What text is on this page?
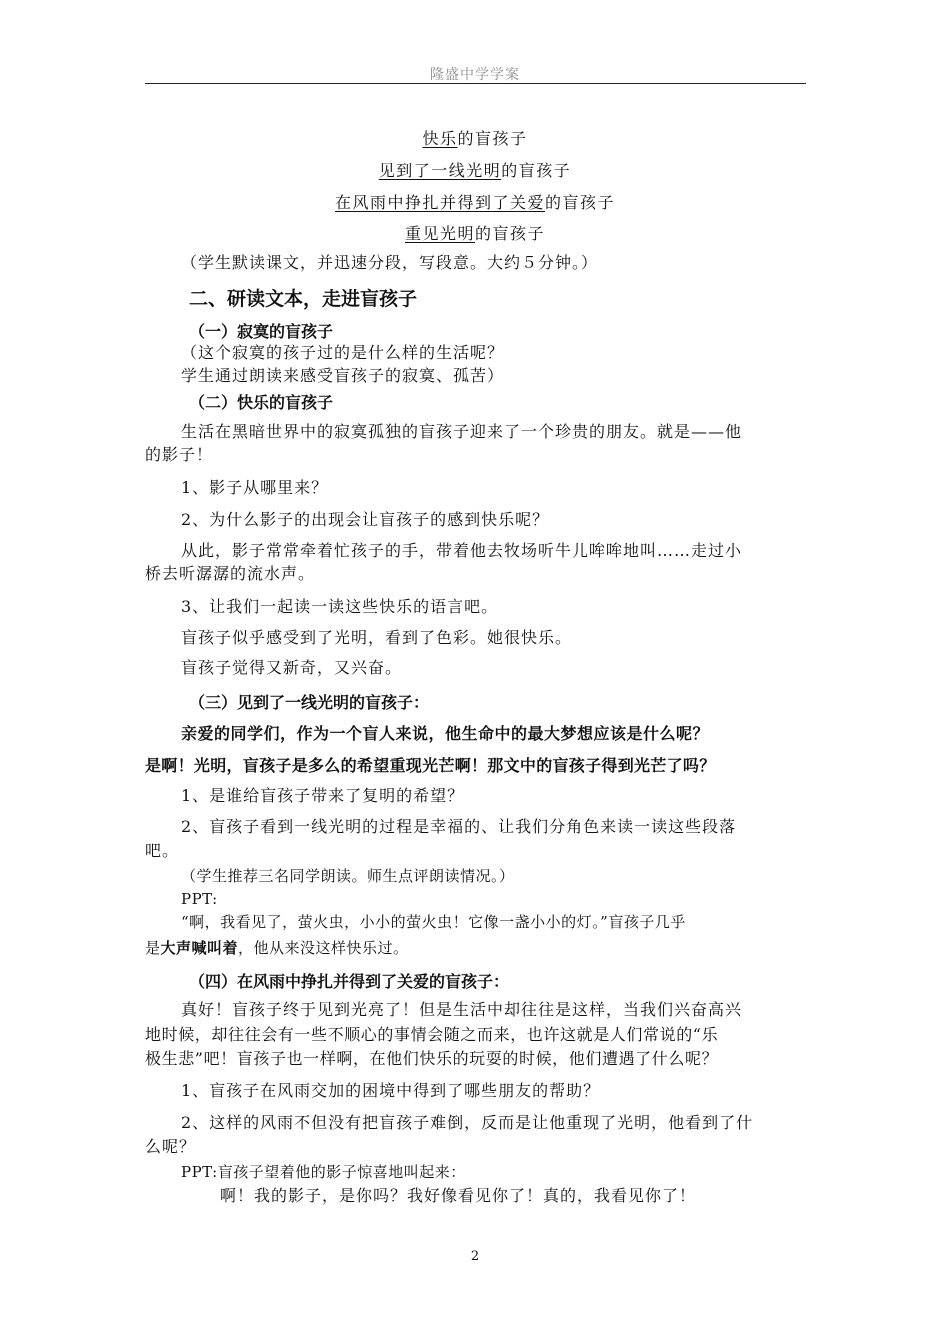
隆盛中学学案
快乐的盲孩子
见到了一线光明的盲孩子
在风雨中挣扎并得到了关爱的盲孩子
重见光明的盲孩子
（学生默读课文，并迅速分段，写段意。大约５分钟。）
二、研读文本，走进盲孩子
（一）寂寞的盲孩子
（这个寂寞的孩子过的是什么样的生活呢？
学生通过朗读来感受盲孩子的寂寞、孤苦）
（二）快乐的盲孩子
生活在黑暗世界中的寂寞孤独的盲孩子迎来了一个珍贵的朋友。就是——他
的影子！
1、影子从哪里来？
2、为什么影子的出现会让盲孩子的感到快乐呢？
从此，影子常常牵着忙孩子的手，带着他去牧场听牛儿哞哞地叫……走过小
桥去听潺潺的流水声。
3、让我们一起读一读这些快乐的语言吧。
盲孩子似乎感受到了光明，看到了色彩。她很快乐。
盲孩子觉得又新奇，又兴奋。
（三）见到了一线光明的盲孩子：
亲爱的同学们，作为一个盲人来说，他生命中的最大梦想应该是什么呢？
是啊！光明，盲孩子是多么的希望重现光芒啊！那文中的盲孩子得到光芒了吗？
1、是谁给盲孩子带来了复明的希望？
2、盲孩子看到一线光明的过程是幸福的、让我们分角色来读一读这些段落
吧。
（学生推荐三名同学朗读。师生点评朗读情况。）
PPT:
“啊，我看见了，萤火虫，小小的萤火虫！它像一盏小小的灯。”盲孩子几乎
是大声喊叫着，他从来没这样快乐过。
（四）在风雨中挣扎并得到了关爱的盲孩子：
真好！盲孩子终于见到光亮了！但是生活中却往往是这样，当我们兴奋高兴
地时候，却往往会有一些不顺心的事情会随之而来，也许这就是人们常说的“乐
极生悲”吧！盲孩子也一样啊，在他们快乐的玩耍的时候，他们遭遇了什么呢？
1、盲孩子在风雨交加的困境中得到了哪些朋友的帮助？
2、这样的风雨不但没有把盲孩子难倒，反而是让他重现了光明，他看到了什
么呢？
PPT:盲孩子望着他的影子惊喜地叫起来：
啊！我的影子，是你吗？我好像看见你了！真的，我看见你了！
2
